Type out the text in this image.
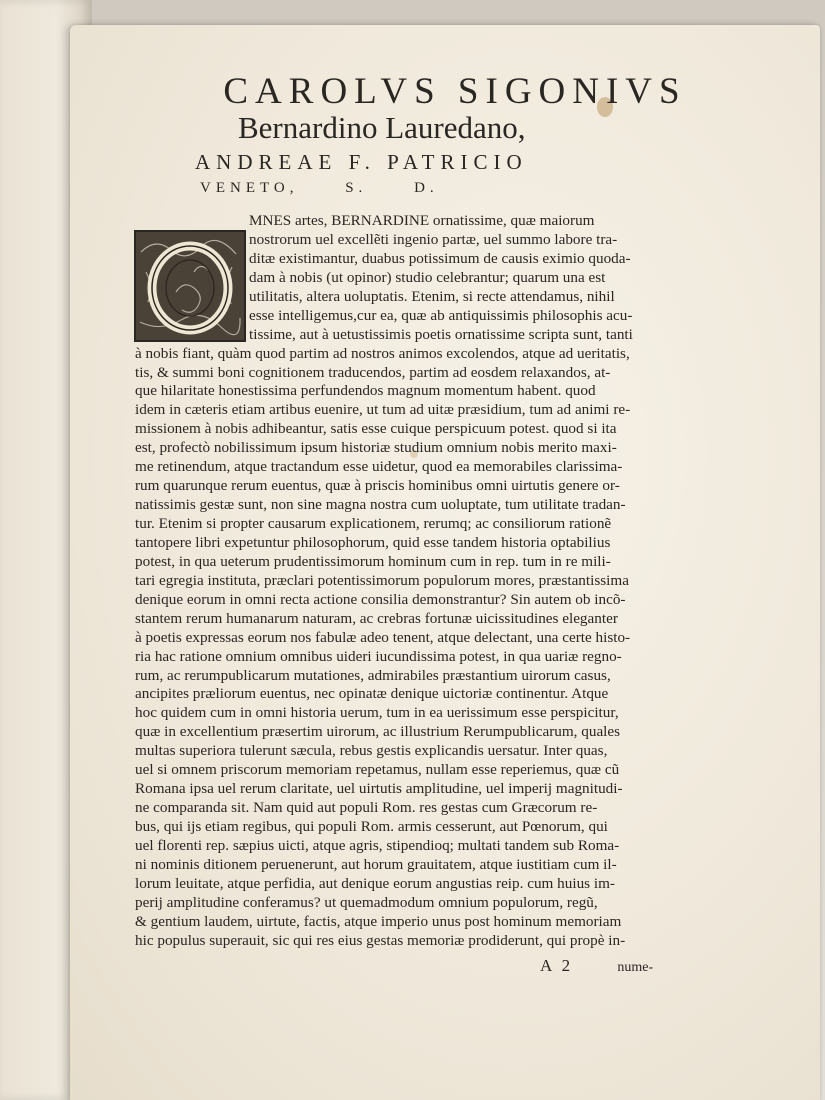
CAROLVS SIGONIVS
Bernardino Lauredano,
ANDREAE F. PATRICIO
VENETO,	S.	D.
MNES artes, BERNARDINE ornatissime, quæ maiorum
nostrorum uel excellẽti ingenio partæ, uel summo labore tra-
ditæ existimantur, duabus potissimum de causis eximio quoda-
dam à nobis (ut opinor) studio celebrantur; quarum una est
utilitatis, altera uoluptatis. Etenim, si recte attendamus, nihil
esse intelligemus,cur ea, quæ ab antiquissimis philosophis acu-
tissime, aut à uetustissimis poetis ornatissime scripta sunt, tanti
à nobis fiant, quàm quod partim ad nostros animos excolendos, atque ad ueritatis,
tis, & summi boni cognitionem traducendos, partim ad eosdem relaxandos, at-
que hilaritate honestissima perfundendos magnum momentum habent. quod
idem in cæteris etiam artibus euenire, ut tum ad uitæ præsidium, tum ad animi re-
missionem à nobis adhibeantur, satis esse cuique perspicuum potest. quod si ita
est, profectò nobilissimum ipsum historiæ studium omnium nobis merito maxi-
me retinendum, atque tractandum esse uidetur, quod ea memorabiles clarissima-
rum quarunque rerum euentus, quæ à priscis hominibus omni uirtutis genere or-
natissimis gestæ sunt, non sine magna nostra cum uoluptate, tum utilitate tradan-
tur. Etenim si propter causarum explicationem, rerumq; ac consiliorum rationẽ
tantopere libri expetuntur philosophorum, quid esse tandem historia optabilius
potest, in qua ueterum prudentissimorum hominum cum in rep. tum in re mili-
tari egregia instituta, præclari potentissimorum populorum mores, præstantissima
denique eorum in omni recta actione consilia demonstrantur? Sin autem ob incõ-
stantem rerum humanarum naturam, ac crebras fortunæ uicissitudines eleganter
à poetis expressas eorum nos fabulæ adeo tenent, atque delectant, una certe histo-
ria hac ratione omnium omnibus uideri iucundissima potest, in qua uariæ regno-
rum, ac rerumpublicarum mutationes, admirabiles præstantium uirorum casus,
ancipites præliorum euentus, nec opinatæ denique uictoriæ continentur. Atque
hoc quidem cum in omni historia uerum, tum in ea uerissimum esse perspicitur,
quæ in excellentium præsertim uirorum, ac illustrium Rerumpublicarum, quales
multas superiora tulerunt sæcula, rebus gestis explicandis uersatur. Inter quas,
uel si omnem priscorum memoriam repetamus, nullam esse reperiemus, quæ cũ
Romana ipsa uel rerum claritate, uel uirtutis amplitudine, uel imperij magnitudi-
ne comparanda sit. Nam quid aut populi Rom. res gestas cum Græcorum re-
bus, qui ijs etiam regibus, qui populi Rom. armis cesserunt, aut Pœnorum, qui
uel florenti rep. sæpius uicti, atque agris, stipendioq; multati tandem sub Roma-
ni nominis ditionem peruenerunt, aut horum grauitatem, atque iustitiam cum il-
lorum leuitate, atque perfidia, aut denique eorum angustias reip. cum huius im-
perij amplitudine conferamus? ut quemadmodum omnium populorum, regũ,
& gentium laudem, uirtute, factis, atque imperio unus post hominum memoriam
hic populus superauit, sic qui res eius gestas memoriæ prodiderunt, qui propè in-
A 2	nume-
